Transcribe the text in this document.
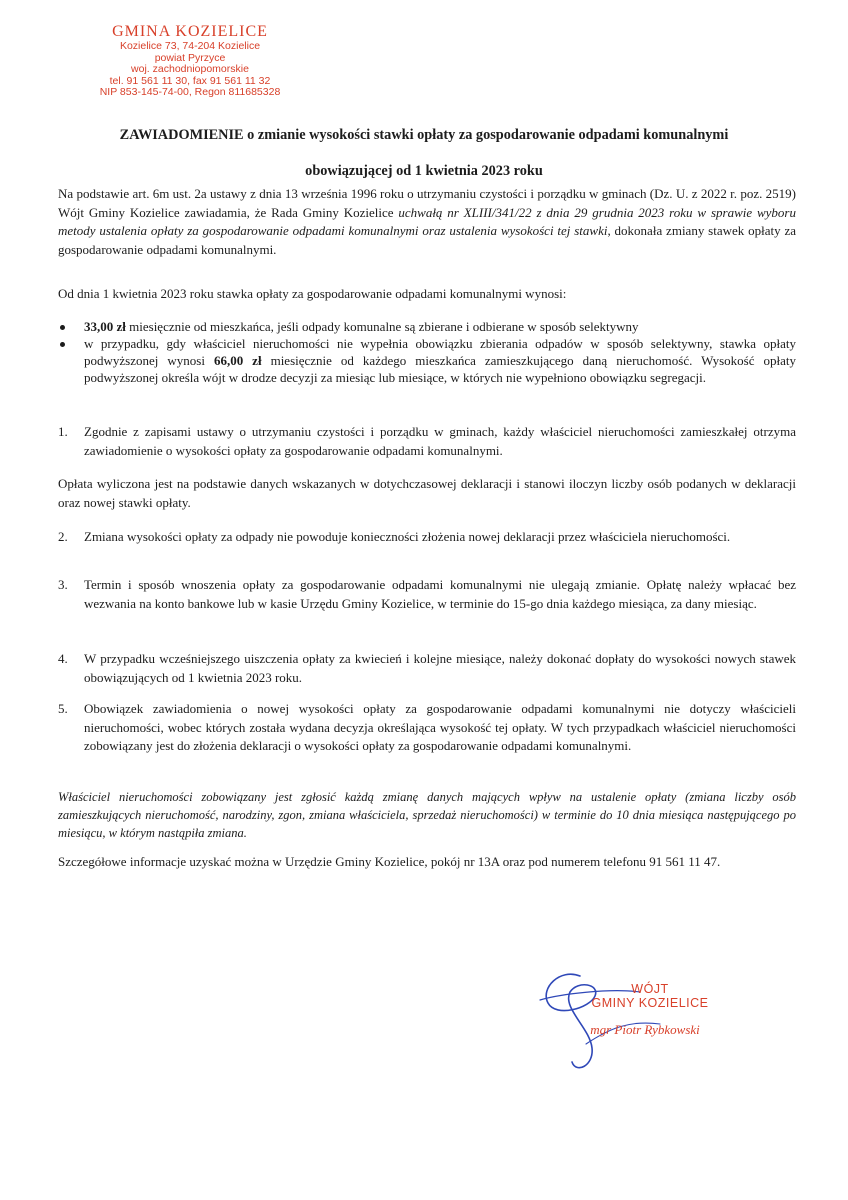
GMINA KOZIELICE
Kozielice 73, 74-204 Kozielice
powiat Pyrzyce
woj. zachodniopomorskie
tel. 91 561 11 30, fax 91 561 11 32
NIP 853-145-74-00, Regon 811685328
ZAWIADOMIENIE o zmianie wysokości stawki opłaty za gospodarowanie odpadami komunalnymi
obowiązującej od 1 kwietnia 2023 roku
Na podstawie art. 6m ust. 2a ustawy z dnia 13 września 1996 roku o utrzymaniu czystości i porządku w gminach (Dz. U. z 2022 r. poz. 2519) Wójt Gminy Kozielice zawiadamia, że Rada Gminy Kozielice uchwałą nr XLIII/341/22 z dnia 29 grudnia 2023 roku w sprawie wyboru metody ustalenia opłaty za gospodarowanie odpadami komunalnymi oraz ustalenia wysokości tej stawki, dokonała zmiany stawek opłaty za gospodarowanie odpadami komunalnymi.
Od dnia 1 kwietnia 2023 roku stawka opłaty za gospodarowanie odpadami komunalnymi wynosi:
33,00 zł miesięcznie od mieszkańca, jeśli odpady komunalne są zbierane i odbierane w sposób selektywny
w przypadku, gdy właściciel nieruchomości nie wypełnia obowiązku zbierania odpadów w sposób selektywny, stawka opłaty podwyższonej wynosi 66,00 zł miesięcznie od każdego mieszkańca zamieszkującego daną nieruchomość. Wysokość opłaty podwyższonej określa wójt w drodze decyzji za miesiąc lub miesiące, w których nie wypełniono obowiązku segregacji.
1. Zgodnie z zapisami ustawy o utrzymaniu czystości i porządku w gminach, każdy właściciel nieruchomości zamieszkałej otrzyma zawiadomienie o wysokości opłaty za gospodarowanie odpadami komunalnymi.
Opłata wyliczona jest na podstawie danych wskazanych w dotychczasowej deklaracji i stanowi iloczyn liczby osób podanych w deklaracji oraz nowej stawki opłaty.
2. Zmiana wysokości opłaty za odpady nie powoduje konieczności złożenia nowej deklaracji przez właściciela nieruchomości.
3. Termin i sposób wnoszenia opłaty za gospodarowanie odpadami komunalnymi nie ulegają zmianie. Opłatę należy wpłacać bez wezwania na konto bankowe lub w kasie Urzędu Gminy Kozielice, w terminie do 15-go dnia każdego miesiąca, za dany miesiąc.
4. W przypadku wcześniejszego uiszczenia opłaty za kwiecień i kolejne miesiące, należy dokonać dopłaty do wysokości nowych stawek obowiązujących od 1 kwietnia 2023 roku.
5. Obowiązek zawiadomienia o nowej wysokości opłaty za gospodarowanie odpadami komunalnymi nie dotyczy właścicieli nieruchomości, wobec których została wydana decyzja określająca wysokość tej opłaty. W tych przypadkach właściciel nieruchomości zobowiązany jest do złożenia deklaracji o wysokości opłaty za gospodarowanie odpadami komunalnymi.
Właściciel nieruchomości zobowiązany jest zgłosić każdą zmianę danych mających wpływ na ustalenie opłaty (zmiana liczby osób zamieszkujących nieruchomość, narodziny, zgon, zmiana właściciela, sprzedaż nieruchomości) w terminie do 10 dnia miesiąca następującego po miesiącu, w którym nastąpiła zmiana.
Szczegółowe informacje uzyskać można w Urzędzie Gminy Kozielice, pokój nr 13A oraz pod numerem telefonu 91 561 11 47.
WÓJT
GMINY KOZIELICE
mgr Piotr Rybkowski
